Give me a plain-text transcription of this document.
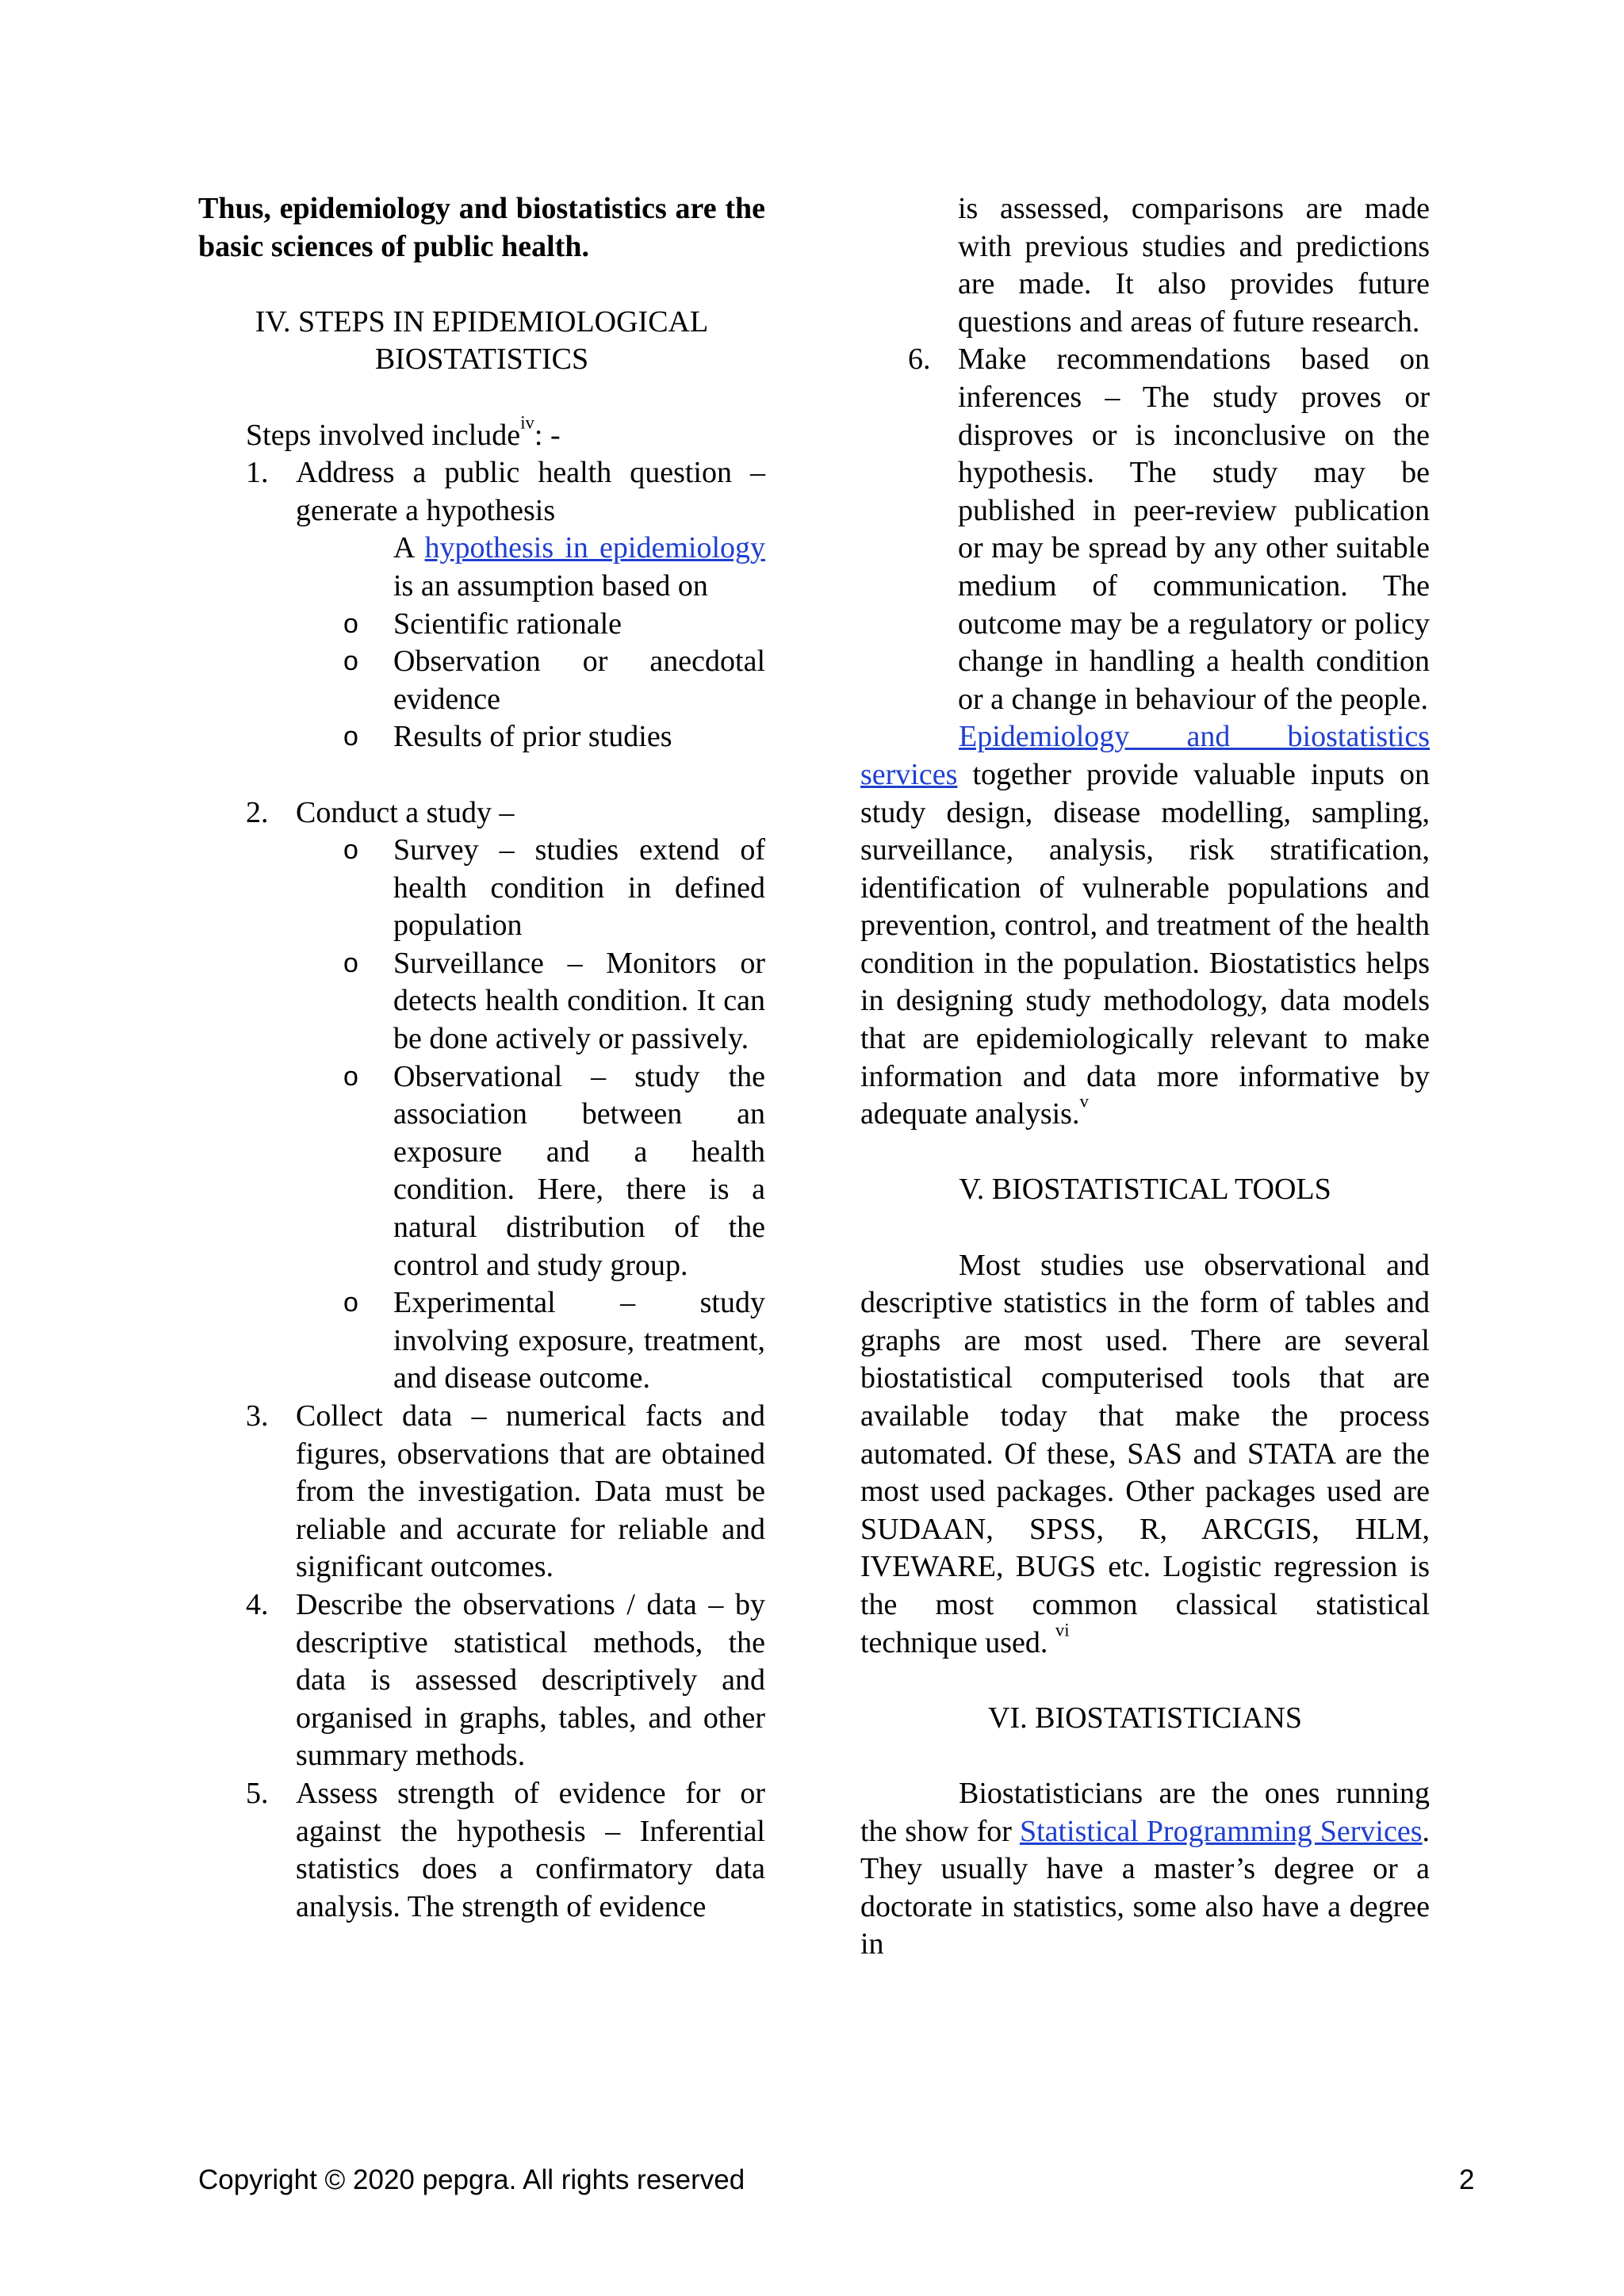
Thus, epidemiology and biostatistics are the basic sciences of public health.

IV. STEPS IN EPIDEMIOLOGICAL
BIOSTATISTICS

Steps involved include$^{iv}$: -

1. Address a public health question – generate a hypothesis

A hypothesis in epidemiology is an assumption based on

o Scientific rationale
o Observation or anecdotal evidence
o Results of prior studies
2. Conduct a study –
o Survey – studies extend of health condition in defined population
o Surveillance – Monitors or detects health condition. It can be done actively or passively.
o Observational – study the association between an exposure and a health condition. Here, there is a natural distribution of the control and study group.
o Experimental – study involving exposure, treatment, and disease outcome.
3. Collect data – numerical facts and figures, observations that are obtained from the investigation. Data must be reliable and accurate for reliable and significant outcomes.
4. Describe the observations / data – by descriptive statistical methods, the data is assessed descriptively and organised in graphs, tables, and other summary methods.
5. Assess strength of evidence for or against the hypothesis – Inferential statistics does a confirmatory data analysis. The strength of evidence

is assessed, comparisons are made with previous studies and predictions are made. It also provides future questions and areas of future research.

6. Make recommendations based on inferences – The study proves or disproves or is inconclusive on the hypothesis. The study may be published in peer-review publication or may be spread by any other suitable medium of communication. The outcome may be a regulatory or policy change in handling a health condition or a change in behaviour of the people.

Epidemiology and biostatistics services together provide valuable inputs on study design, disease modelling, sampling, surveillance, analysis, risk stratification, identification of vulnerable populations and prevention, control, and treatment of the health condition in the population. Biostatistics helps in designing study methodology, data models that are epidemiologically relevant to make information and data more informative by adequate analysis.$^v$

V. BIOSTATISTICAL TOOLS

Most studies use observational and descriptive statistics in the form of tables and graphs are most used. There are several biostatistical computerised tools that are available today that make the process automated. Of these, SAS and STATA are the most used packages. Other packages used are SUDAAN, SPSS, R, ARCGIS, HLM, IVEWARE, BUGS etc. Logistic regression is the most common classical statistical technique used. $^{vi}$

VI. BIOSTATISTICIANS

Biostatisticians are the ones running the show for Statistical Programming Services. They usually have a master’s degree or a doctorate in statistics, some also have a degree in

Copyright © 2020 pepgra. All rights reserved	2
